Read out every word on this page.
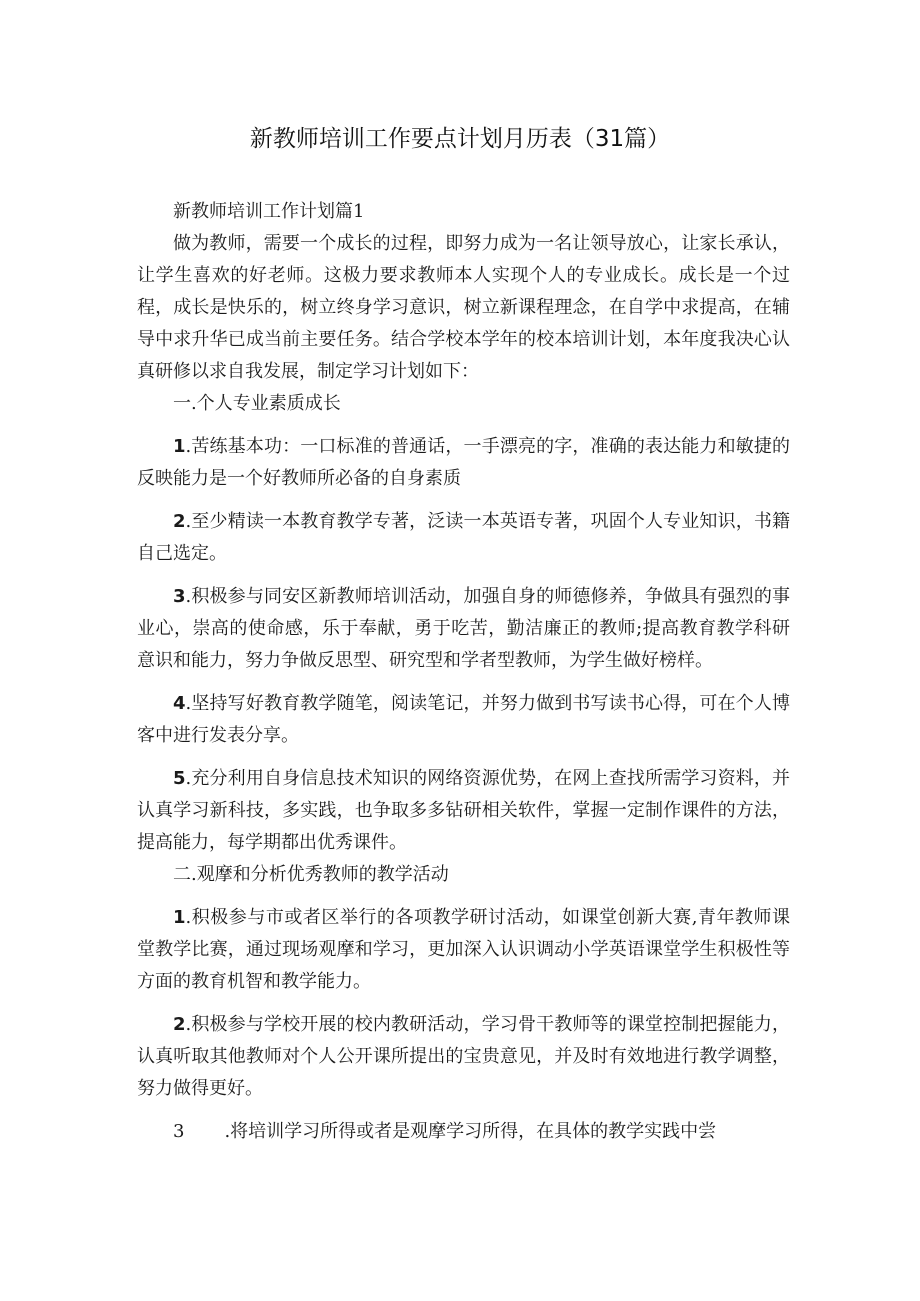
新教师培训工作要点计划月历表（31篇）

新教师培训工作计划篇1

做为教师，需要一个成长的过程，即努力成为一名让领导放心，让家长承认，让学生喜欢的好老师。这极力要求教师本人实现个人的专业成长。成长是一个过程，成长是快乐的，树立终身学习意识，树立新课程理念，在自学中求提高，在辅导中求升华已成当前主要任务。结合学校本学年的校本培训计划，本年度我决心认真研修以求自我发展，制定学习计划如下：

一.个人专业素质成长

1.苦练基本功：一口标准的普通话，一手漂亮的字，准确的表达能力和敏捷的反映能力是一个好教师所必备的自身素质

2.至少精读一本教育教学专著，泛读一本英语专著，巩固个人专业知识，书籍自己选定。

3.积极参与同安区新教师培训活动，加强自身的师德修养，争做具有强烈的事业心，崇高的使命感，乐于奉献，勇于吃苦，勤洁廉正的教师;提高教育教学科研意识和能力，努力争做反思型、研究型和学者型教师，为学生做好榜样。

4.坚持写好教育教学随笔，阅读笔记，并努力做到书写读书心得，可在个人博客中进行发表分享。

5.充分利用自身信息技术知识的网络资源优势，在网上查找所需学习资料，并认真学习新科技，多实践，也争取多多钻研相关软件，掌握一定制作课件的方法，提高能力，每学期都出优秀课件。

二.观摩和分析优秀教师的教学活动

1.积极参与市或者区举行的各项教学研讨活动，如课堂创新大赛,青年教师课堂教学比赛，通过现场观摩和学习，更加深入认识调动小学英语课堂学生积极性等方面的教育机智和教学能力。

2.积极参与学校开展的校内教研活动，学习骨干教师等的课堂控制把握能力，认真听取其他教师对个人公开课所提出的宝贵意见，并及时有效地进行教学调整，努力做得更好。

3 .将培训学习所得或者是观摩学习所得，在具体的教学实践中尝
